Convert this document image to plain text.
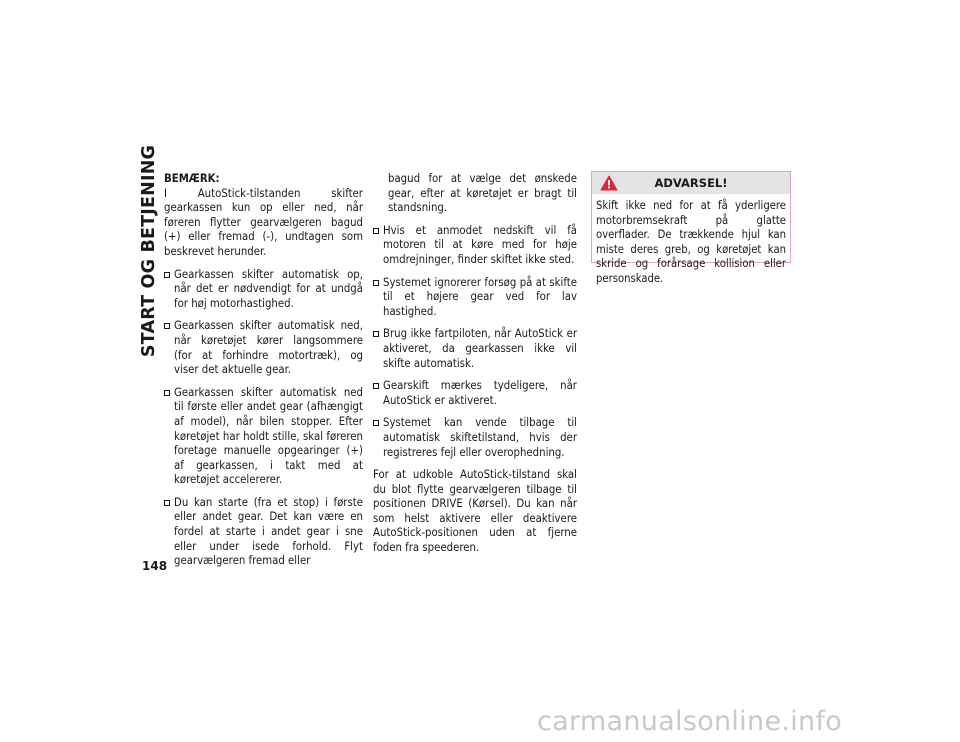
START OG BETJENING
148

BEMÆRK:

I AutoStick-tilstanden skifter gearkassen kun op eller ned, når føreren flytter gearvælgeren bagud (+) eller fremad (-), undtagen som beskrevet herunder.

Gearkassen skifter automatisk op, når det er nødvendigt for at undgå for høj motorhastighed.
Gearkassen skifter automatisk ned, når køretøjet kører langsommere (for at forhindre motortræk), og viser det aktuelle gear.
Gearkassen skifter automatisk ned til første eller andet gear (afhængigt af model), når bilen stopper. Efter køretøjet har holdt stille, skal føreren foretage manuelle opgearinger (+) af gearkassen, i takt med at køretøjet accelererer.
Du kan starte (fra et stop) i første eller andet gear. Det kan være en fordel at starte i andet gear i sne eller under isede forhold. Flyt gearvælgeren fremad eller

bagud for at vælge det ønskede gear, efter at køretøjet er bragt til standsning.

Hvis et anmodet nedskift vil få motoren til at køre med for høje omdrejninger, finder skiftet ikke sted.
Systemet ignorerer forsøg på at skifte til et højere gear ved for lav hastighed.
Brug ikke fartpiloten, når AutoStick er aktiveret, da gearkassen ikke vil skifte automatisk.
Gearskift mærkes tydeligere, når AutoStick er aktiveret.
Systemet kan vende tilbage til automatisk skiftetilstand, hvis der registreres fejl eller overophedning.

For at udkoble AutoStick-tilstand skal du blot flytte gearvælgeren tilbage til positionen DRIVE (Kørsel). Du kan når som helst aktivere eller deaktivere AutoStick-positionen uden at fjerne foden fra speederen.

ADVARSEL!
Skift ikke ned for at få yderligere motorbremsekraft på glatte overflader. De trækkende hjul kan miste deres greb, og køretøjet kan skride og forårsage kollision eller personskade.
carmanualsonline.info
